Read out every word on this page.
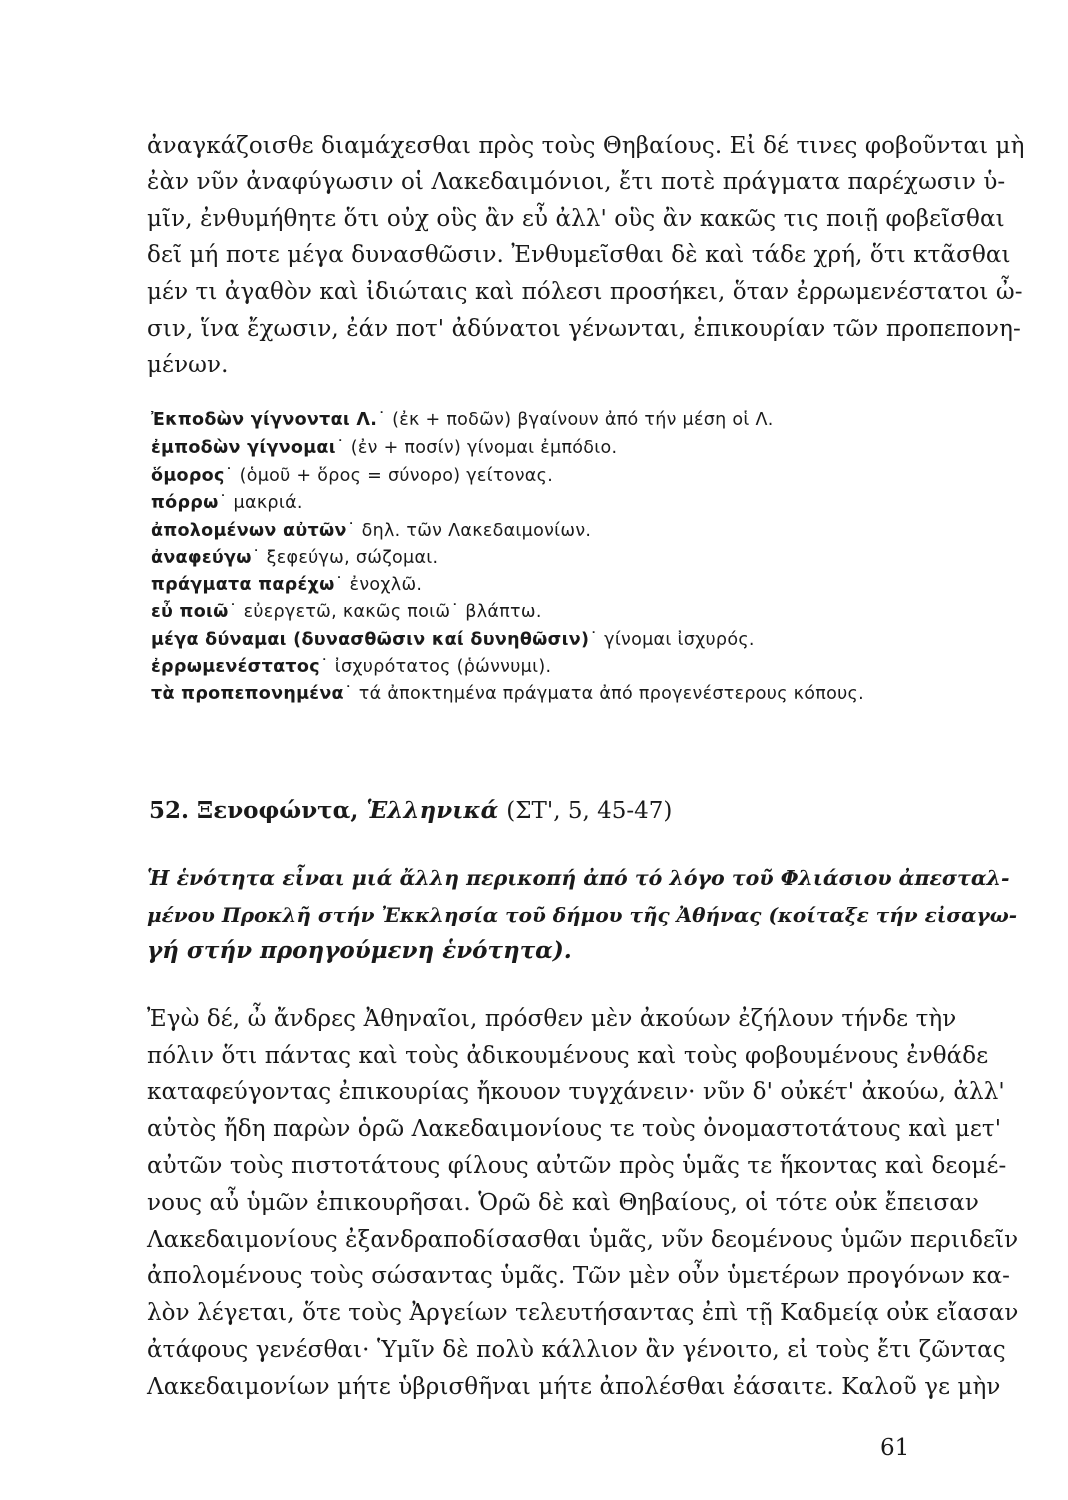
ἀναγκάζοισθε διαμάχεσθαι πρὸς τοὺς Θηβαίους. Εἰ δέ τινες φοβοῦνται μὴ
ἐὰν νῦν ἀναφύγωσιν οἱ Λακεδαιμόνιοι, ἔτι ποτὲ πράγματα παρέχωσιν ὑ-
μῖν, ἐνθυμήθητε ὅτι οὐχ οὓς ἂν εὖ ἀλλ' οὓς ἂν κακῶς τις ποιῇ φοβεῖσθαι
δεῖ μή ποτε μέγα δυνασθῶσιν. Ἐνθυμεῖσθαι δὲ καὶ τάδε χρή, ὅτι κτᾶσθαι
μέν τι ἀγαθὸν καὶ ἰδιώταις καὶ πόλεσι προσήκει, ὅταν ἐρρωμενέστατοι ὦ-
σιν, ἵνα ἔχωσιν, ἐάν ποτ' ἀδύνατοι γένωνται, ἐπικουρίαν τῶν προπεπονη-
μένων.
Ἐκποδὼν γίγνονται Λ.˙ (ἐκ + ποδῶν) βγαίνουν ἀπό τήν μέση οἱ Λ.
ἐμποδὼν γίγνομαι˙ (ἐν + ποσίν) γίνομαι ἐμπόδιο.
ὅμορος˙ (ὁμοῦ + ὅρος = σύνορο) γείτονας.
πόρρω˙ μακριά.
ἀπολομένων αὐτῶν˙ δηλ. τῶν Λακεδαιμονίων.
ἀναφεύγω˙ ξεφεύγω, σώζομαι.
πράγματα παρέχω˙ ἐνοχλῶ.
εὖ ποιῶ˙ εὐεργετῶ, κακῶς ποιῶ˙ βλάπτω.
μέγα δύναμαι (δυνασθῶσιν καί δυνηθῶσιν)˙ γίνομαι ἰσχυρός.
ἐρρωμενέστατος˙ ἰσχυρότατος (ῥώννυμι).
τὰ προπεπονημένα˙ τά ἀποκτημένα πράγματα ἀπό προγενέστερους κόπους.
52. Ξενοφώντα, Ἑλληνικά (ΣΤ', 5, 45-47)
Ἡ ἑνότητα εἶναι μιά ἄλλη περικοπή ἀπό τό λόγο τοῦ Φλιάσιου ἀπεσταλ-
μένου Προκλῆ στήν Ἐκκλησία τοῦ δήμου τῆς Ἀθήνας (κοίταξε τήν εἰσαγω-
γή στήν προηγούμενη ἑνότητα).
Ἐγὼ δέ, ὦ ἄνδρες Ἀθηναῖοι, πρόσθεν μὲν ἀκούων ἐζήλουν τήνδε τὴν
πόλιν ὅτι πάντας καὶ τοὺς ἀδικουμένους καὶ τοὺς φοβουμένους ἐνθάδε
καταφεύγοντας ἐπικουρίας ἤκουον τυγχάνειν· νῦν δ' οὐκέτ' ἀκούω, ἀλλ'
αὐτὸς ἤδη παρὼν ὁρῶ Λακεδαιμονίους τε τοὺς ὀνομαστοτάτους καὶ μετ'
αὐτῶν τοὺς πιστοτάτους φίλους αὐτῶν πρὸς ὑμᾶς τε ἥκοντας καὶ δεομέ-
νους αὖ ὑμῶν ἐπικουρῆσαι. Ὁρῶ δὲ καὶ Θηβαίους, οἱ τότε οὐκ ἔπεισαν
Λακεδαιμονίους ἐξανδραποδίσασθαι ὑμᾶς, νῦν δεομένους ὑμῶν περιιδεῖν
ἀπολομένους τοὺς σώσαντας ὑμᾶς. Τῶν μὲν οὖν ὑμετέρων προγόνων κα-
λὸν λέγεται, ὅτε τοὺς Ἀργείων τελευτήσαντας ἐπὶ τῇ Καδμείᾳ οὐκ εἴασαν
ἀτάφους γενέσθαι· Ὑμῖν δὲ πολὺ κάλλιον ἂν γένοιτο, εἰ τοὺς ἔτι ζῶντας
Λακεδαιμονίων μήτε ὑβρισθῆναι μήτε ἀπολέσθαι ἐάσαιτε. Καλοῦ γε μὴν
61
